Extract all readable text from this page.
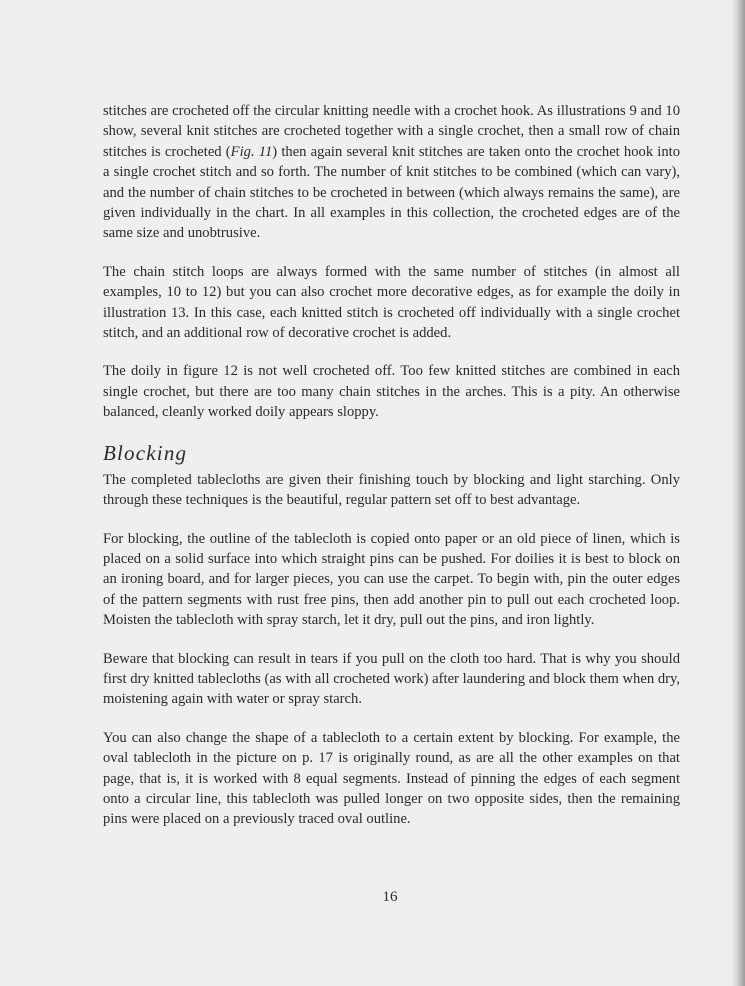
stitches are crocheted off the circular knitting needle with a crochet hook. As illustrations 9 and 10 show, several knit stitches are crocheted together with a single crochet, then a small row of chain stitches is crocheted (Fig. 11) then again several knit stitches are taken onto the crochet hook into a single crochet stitch and so forth. The number of knit stitches to be combined (which can vary), and the number of chain stitches to be crocheted in between (which always remains the same), are given individually in the chart. In all examples in this collection, the crocheted edges are of the same size and unobtrusive.

The chain stitch loops are always formed with the same number of stitches (in almost all examples, 10 to 12) but you can also crochet more decorative edges, as for example the doily in illustration 13. In this case, each knitted stitch is crocheted off individually with a single crochet stitch, and an additional row of decorative crochet is added.

The doily in figure 12 is not well crocheted off. Too few knitted stitches are combined in each single crochet, but there are too many chain stitches in the arches. This is a pity. An otherwise balanced, cleanly worked doily appears sloppy.

Blocking

The completed tablecloths are given their finishing touch by blocking and light starching. Only through these techniques is the beautiful, regular pattern set off to best advantage.

For blocking, the outline of the tablecloth is copied onto paper or an old piece of linen, which is placed on a solid surface into which straight pins can be pushed. For doilies it is best to block on an ironing board, and for larger pieces, you can use the carpet. To begin with, pin the outer edges of the pattern segments with rust free pins, then add another pin to pull out each crocheted loop. Moisten the tablecloth with spray starch, let it dry, pull out the pins, and iron lightly.

Beware that blocking can result in tears if you pull on the cloth too hard. That is why you should first dry knitted tablecloths (as with all crocheted work) after laundering and block them when dry, moistening again with water or spray starch.

You can also change the shape of a tablecloth to a certain extent by blocking. For example, the oval tablecloth in the picture on p. 17 is originally round, as are all the other examples on that page, that is, it is worked with 8 equal segments. Instead of pinning the edges of each segment onto a circular line, this tablecloth was pulled longer on two opposite sides, then the remaining pins were placed on a previously traced oval outline.

16
